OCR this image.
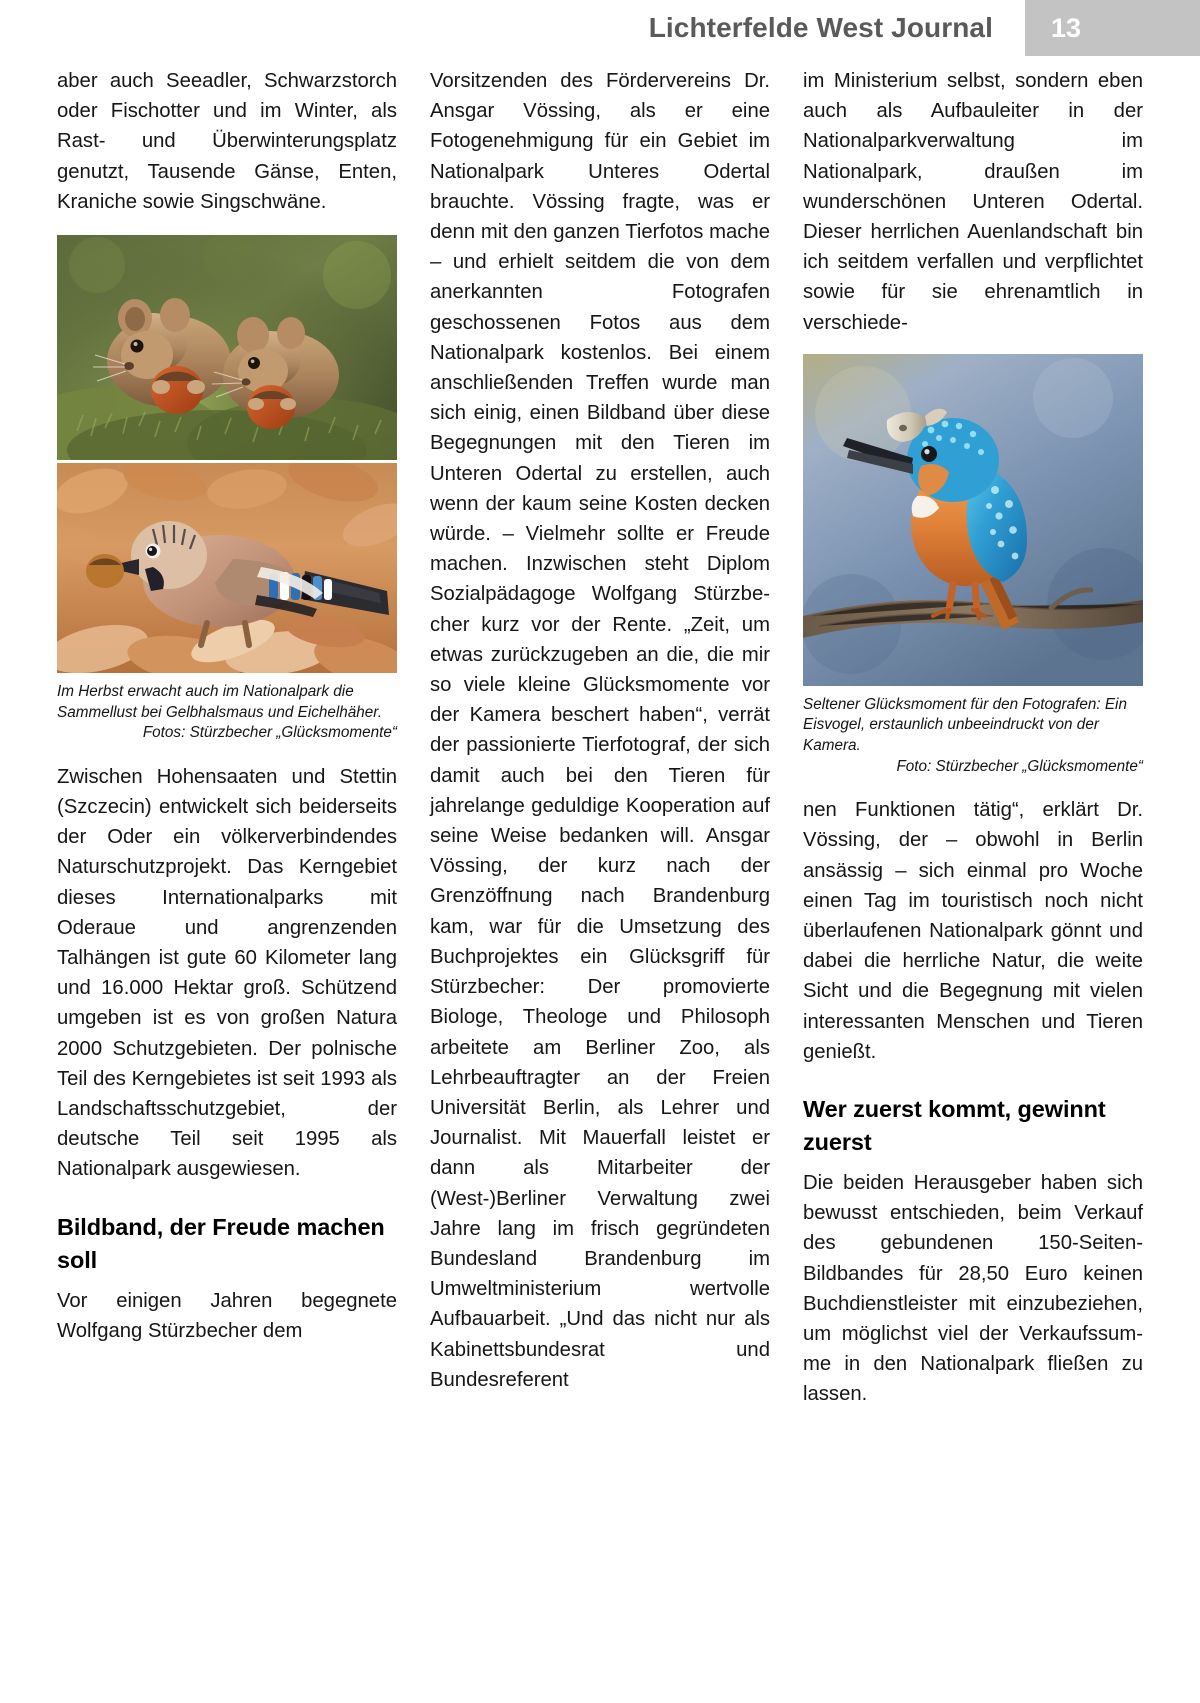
Lichterfelde West Journal 13

aber auch Seeadler, Schwarzstorch oder Fischotter und im Winter, als Rast- und Überwinterungsplatz genutzt, Tausende Gänse, Enten, Kraniche sowie Singschwäne.

Im Herbst erwacht auch im Nationalpark die Sammellust bei Gelbhalsmaus und Eichelhäher.
Fotos: Stürzbecher „Glücksmomente“

Zwischen Hohensaaten und Stettin (Szczecin) entwickelt sich beiderseits der Oder ein völkerverbindendes Naturschutzprojekt. Das Kerngebiet dieses Internationalparks mit Oderaue und angrenzenden Talhängen ist gute 60 Kilometer lang und 16.000 Hektar groß. Schützend umgeben ist es von großen Natura 2000 Schutzgebieten. Der polnische Teil des Kerngebietes ist seit 1993 als Landschaftsschutzgebiet, der deutsche Teil seit 1995 als Nationalpark ausgewiesen.

Bildband, der Freude machen soll

Vor einigen Jahren begegnete Wolfgang Stürzbecher dem

Vorsitzenden des Fördervereins Dr. Ansgar Vössing, als er eine Fotogenehmigung für ein Gebiet im Nationalpark Unteres Odertal brauchte. Vössing fragte, was er denn mit den ganzen Tierfotos mache – und erhielt seitdem die von dem anerkannten Fotografen geschossenen Fotos aus dem Nationalpark kostenlos. Bei einem anschließenden Treffen wurde man sich einig, einen Bildband über diese Begegnungen mit den Tieren im Unteren Odertal zu erstellen, auch wenn der kaum seine Kosten decken würde. – Vielmehr sollte er Freude machen. Inzwischen steht Diplom Sozialpädagoge Wolfgang Stürzbecher kurz vor der Rente. „Zeit, um etwas zurückzugeben an die, die mir so viele kleine Glücksmomente vor der Kamera beschert haben“, verrät der passionierte Tierfotograf, der sich damit auch bei den Tieren für jahrelange geduldige Kooperation auf seine Weise bedanken will. Ansgar Vössing, der kurz nach der Grenzöffnung nach Brandenburg kam, war für die Umsetzung des Buchprojektes ein Glücksgriff für Stürzbecher: Der promovierte Biologe, Theologe und Philosoph arbeitete am Berliner Zoo, als Lehrbeauftragter an der Freien Universität Berlin, als Lehrer und Journalist. Mit Mauerfall leistet er dann als Mitarbeiter der (West-)Berliner Verwaltung zwei Jahre lang im frisch gegründeten Bundesland Brandenburg im Umweltministerium wertvolle Aufbauarbeit. „Und das nicht nur als Kabinettsbundesrat und Bundesreferent

im Ministerium selbst, sondern eben auch als Aufbauleiter in der Nationalparkverwaltung im Nationalpark, draußen im wunderschönen Unteren Odertal. Dieser herrlichen Auenlandschaft bin ich seitdem verfallen und verpflichtet sowie für sie ehrenamtlich in verschiede-

Seltener Glücksmoment für den Fotografen: Ein Eisvogel, erstaunlich unbeeindruckt von der Kamera.
Foto: Stürzbecher „Glücksmomente“

nen Funktionen tätig“, erklärt Dr. Vössing, der – obwohl in Berlin ansässig – sich einmal pro Woche einen Tag im touristisch noch nicht überlaufenen Nationalpark gönnt und dabei die herrliche Natur, die weite Sicht und die Begegnung mit vielen interessanten Menschen und Tieren genießt.

Wer zuerst kommt, gewinnt zuerst

Die beiden Herausgeber haben sich bewusst entschieden, beim Verkauf des gebundenen 150-Seiten-Bildbandes für 28,50 Euro keinen Buchdienstleister mit einzubeziehen, um möglichst viel der Verkaufssumme in den Nationalpark fließen zu lassen.
